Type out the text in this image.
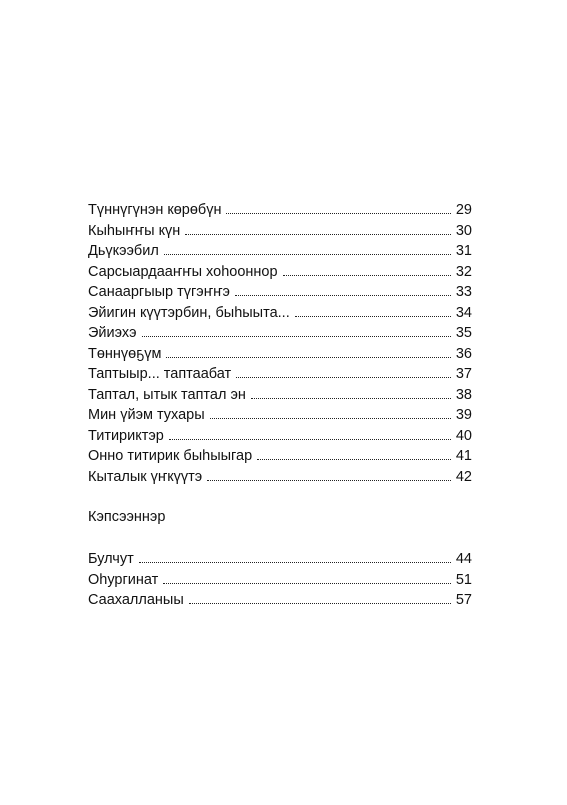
Түннүгүнэн көрөбүн	29
Кыһыҥҥы күн	30
Дьүкээбил	31
Сарсыардааҥҥы хоһооннор	32
Санааргыыр түгэҥҥэ	33
Эйигин күүтэрбин, быһыыта...	34
Эйиэхэ	35
Төннүөҕүм	36
Таптыыр... таптаабат	37
Таптал, ытык таптал эн	38
Мин үйэм тухары	39
Титириктэр	40
Онно титирик быһыыгар	41
Кыталык үҥкүүтэ	42
Кэпсээннэр
Булчут	44
Оһургинат	51
Саахалланыы	57
